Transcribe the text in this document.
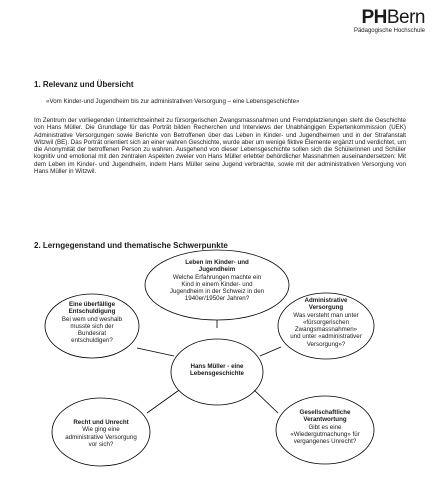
PHBern
Pädagogische Hochschule
1. Relevanz und Übersicht
«Vom Kinder-und Jugendheim bis zur administrativen Versorgung – eine Lebensgeschichte»
Im Zentrum der vorliegenden Unterrichtseinheit zu fürsorgerischen Zwangsmassnahmen und Fremdplatzierungen steht die Geschichte von Hans Müller. Die Grundlage für das Porträt bilden Recherchen und Interviews der Unabhängigen Expertenkommission (UEK) Administrative Versorgungen sowie Berichte von Betroffenen über das Leben in Kinder- und Jugendheimen und in der Strafanstalt Witzwil (BE). Das Porträt orientiert sich an einer wahren Geschichte, wurde aber um wenige fiktive Elemente ergänzt und verdichtet, um die Anonymität der betroffenen Person zu wahren. Ausgehend von dieser Lebensgeschichte sollen sich die Schülerinnen und Schüler kognitiv und emotional mit den zentralen Aspekten zweier von Hans Müller erlebter behördlicher Massnahmen auseinandersetzen: Mit dem Leben im Kinder- und Jugendheim, indem Hans Müller seine Jugend verbrachte, sowie mit der administrativen Versorgung von Hans Müller in Witzwil.
2. Lerngegenstand und thematische Schwerpunkte
Leben im Kinder- und Jugendheim
Welche Erfahrungen machte ein Kind in einem Kinder- und Jugendheim in der Schweiz in den 1940er/1950er Jahren?
Eine überfällige Entschuldigung
Bei wem und weshalb musste sich der Bundesrat entschuldigen?
Administrative Versorgung
Was versteht man unter «fürsorgerischen Zwangsmassnahmen» und unter «administrativer Versorgung»?
Hans Müller - eine Lebensgeschichte
Recht und Unrecht
Wie ging eine administrative Versorgung vor sich?
Gesellschaftliche Verantwortung
Gibt es eine «Wiedergutmachung» für vergangenes Unrecht?
